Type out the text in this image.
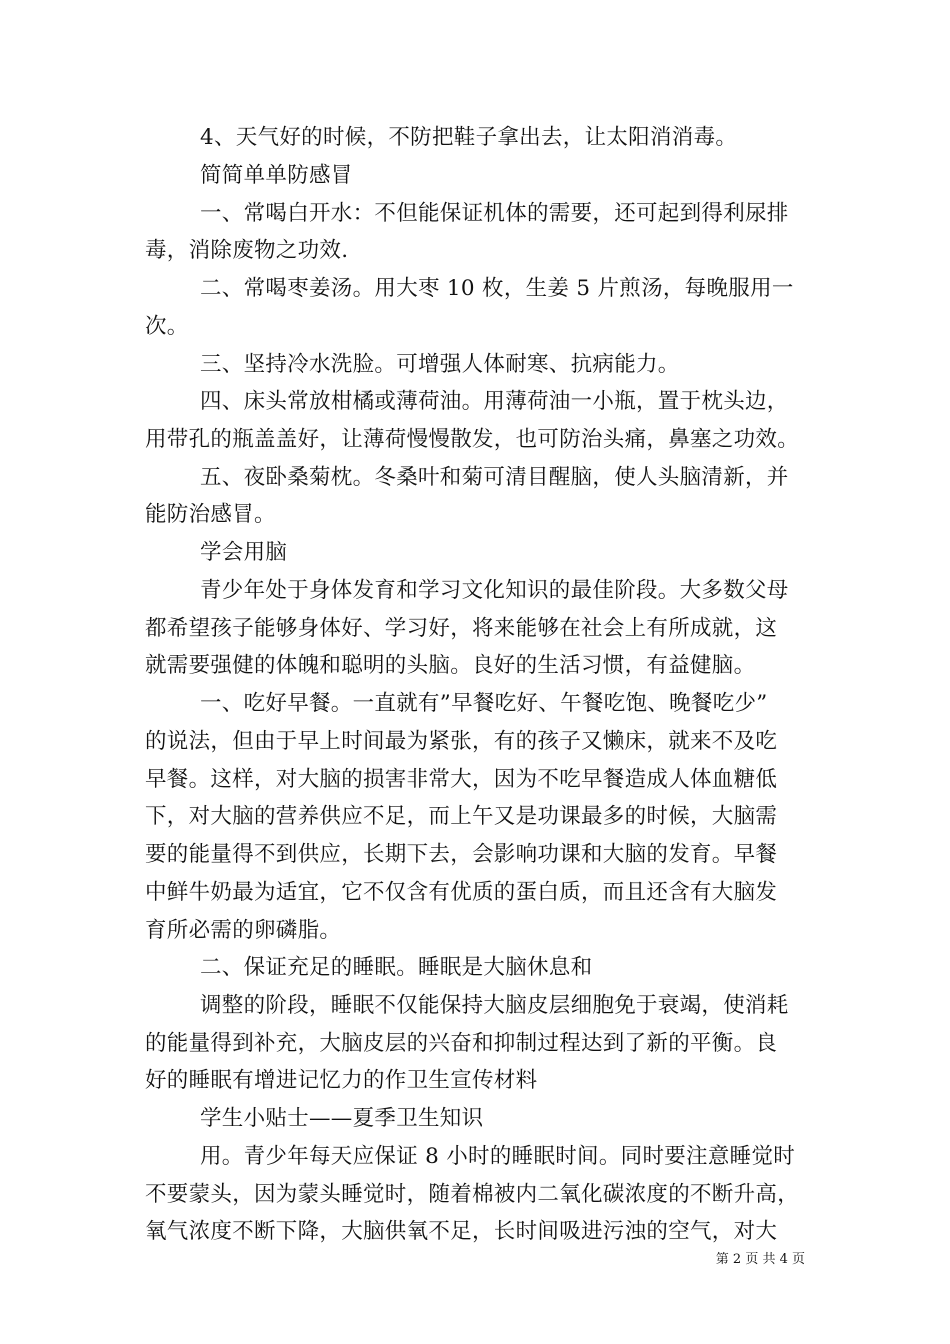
4、天气好的时候，不防把鞋子拿出去，让太阳消消毒。
简简单单防感冒
一、常喝白开水：不但能保证机体的需要，还可起到得利尿排
毒，消除废物之功效.
二、常喝枣姜汤。用大枣 10 枚，生姜 5 片煎汤，每晚服用一
次。
三、坚持冷水洗脸。可增强人体耐寒、抗病能力。
四、床头常放柑橘或薄荷油。用薄荷油一小瓶，置于枕头边，
用带孔的瓶盖盖好，让薄荷慢慢散发，也可防治头痛，鼻塞之功效。
五、夜卧桑菊枕。冬桑叶和菊可清目醒脑，使人头脑清新，并
能防治感冒。
学会用脑
青少年处于身体发育和学习文化知识的最佳阶段。大多数父母
都希望孩子能够身体好、学习好，将来能够在社会上有所成就，这
就需要强健的体魄和聪明的头脑。良好的生活习惯，有益健脑。
一、吃好早餐。一直就有”早餐吃好、午餐吃饱、晚餐吃少”
的说法，但由于早上时间最为紧张，有的孩子又懒床，就来不及吃
早餐。这样，对大脑的损害非常大，因为不吃早餐造成人体血糖低
下，对大脑的营养供应不足，而上午又是功课最多的时候，大脑需
要的能量得不到供应，长期下去，会影响功课和大脑的发育。早餐
中鲜牛奶最为适宜，它不仅含有优质的蛋白质，而且还含有大脑发
育所必需的卵磷脂。
二、保证充足的睡眠。睡眠是大脑休息和
调整的阶段，睡眠不仅能保持大脑皮层细胞免于衰竭，使消耗
的能量得到补充，大脑皮层的兴奋和抑制过程达到了新的平衡。良
好的睡眠有增进记忆力的作卫生宣传材料
学生小贴士——夏季卫生知识
用。青少年每天应保证 8 小时的睡眠时间。同时要注意睡觉时
不要蒙头，因为蒙头睡觉时，随着棉被内二氧化碳浓度的不断升高，
氧气浓度不断下降，大脑供氧不足，长时间吸进污浊的空气，对大
第 2 页 共 4 页
